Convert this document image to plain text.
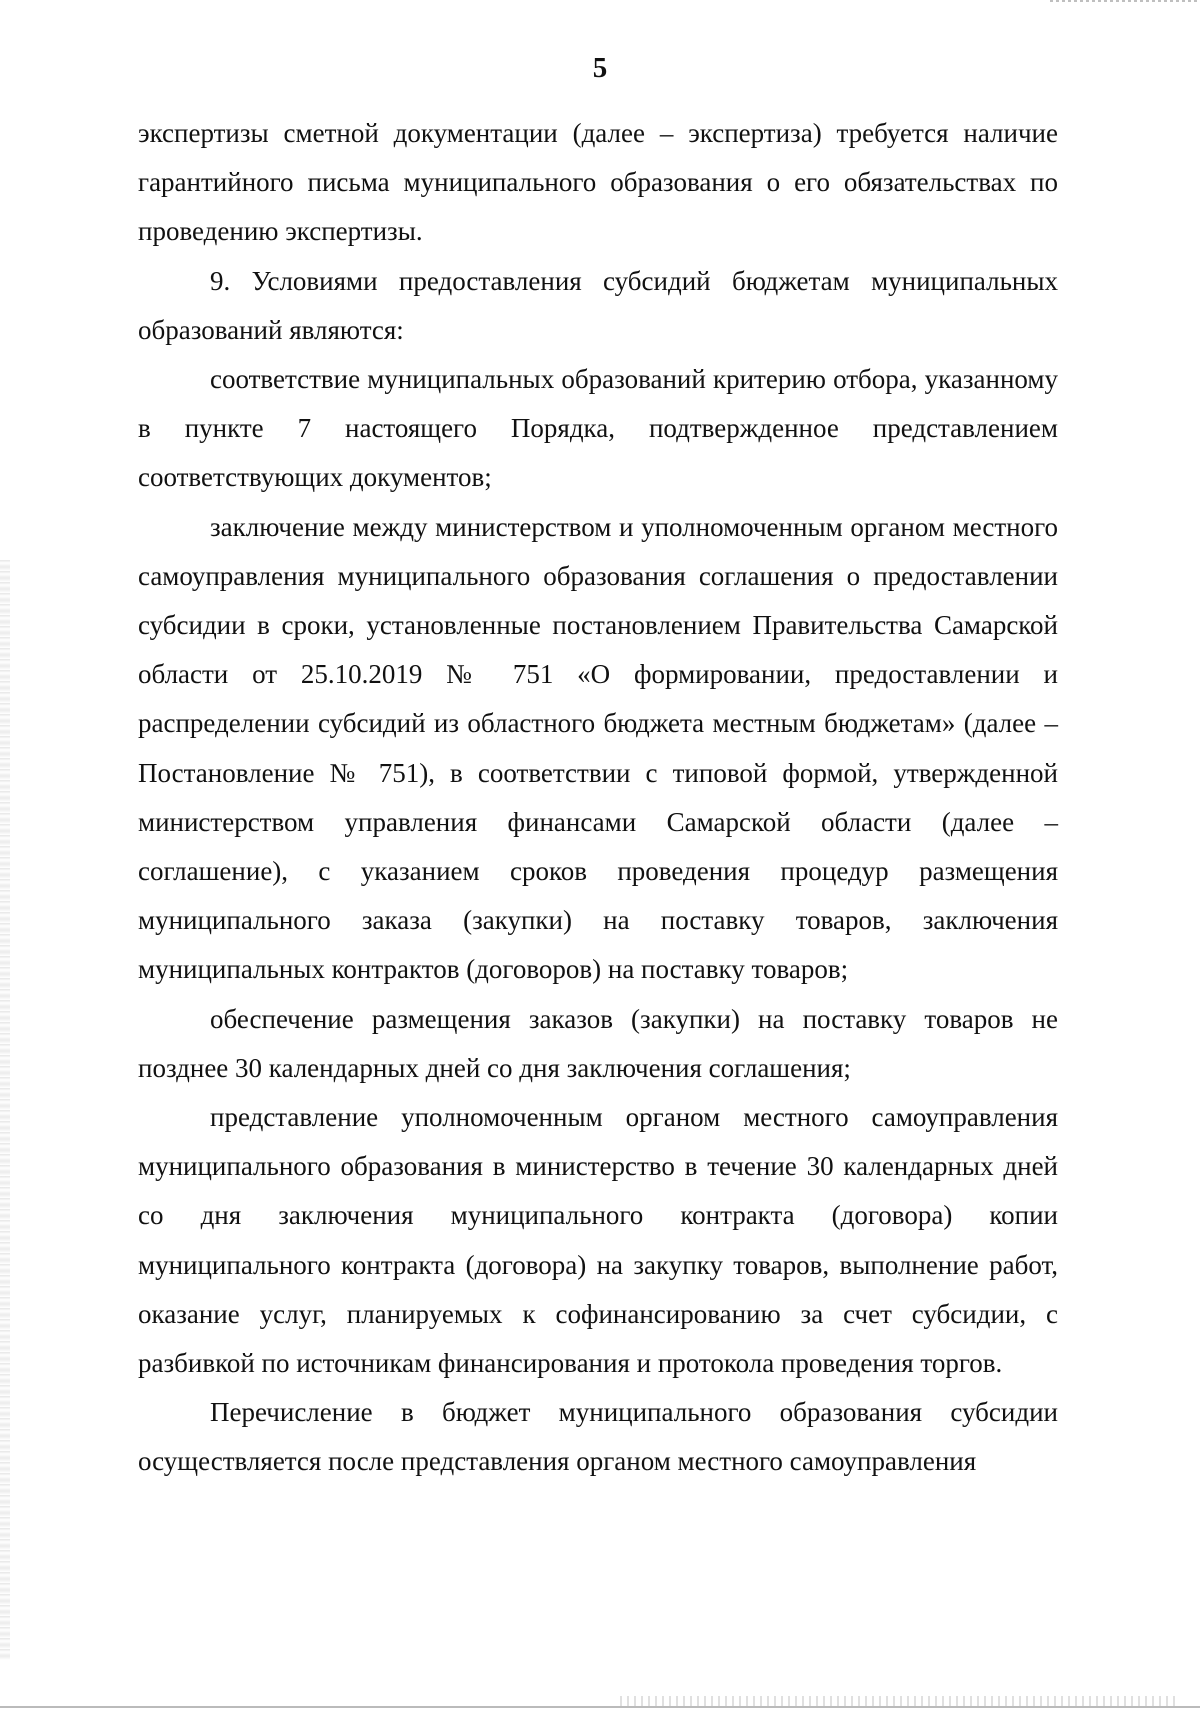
5

экспертизы сметной документации (далее – экспертиза) требуется наличие гарантийного письма муниципального образования о его обязательствах по проведению экспертизы.

9. Условиями предоставления субсидий бюджетам муниципальных образований являются:

соответствие муниципальных образований критерию отбора, указанному в пункте 7 настоящего Порядка, подтвержденное представлением соответствующих документов;

заключение между министерством и уполномоченным органом местного самоуправления муниципального образования соглашения о предоставлении субсидии в сроки, установленные постановлением Правительства Самарской области от 25.10.2019 № 751 «О формировании, предоставлении и распределении субсидий из областного бюджета местным бюджетам» (далее – Постановление № 751), в соответствии с типовой формой, утвержденной министерством управления финансами Самарской области (далее – соглашение), с указанием сроков проведения процедур размещения муниципального заказа (закупки) на поставку товаров, заключения муниципальных контрактов (договоров) на поставку товаров;

обеспечение размещения заказов (закупки) на поставку товаров не позднее 30 календарных дней со дня заключения соглашения;

представление уполномоченным органом местного самоуправления муниципального образования в министерство в течение 30 календарных дней со дня заключения муниципального контракта (договора) копии муниципального контракта (договора) на закупку товаров, выполнение работ, оказание услуг, планируемых к софинансированию за счет субсидии, с разбивкой по источникам финансирования и протокола проведения торгов.

Перечисление в бюджет муниципального образования субсидии осуществляется после представления органом местного самоуправления
